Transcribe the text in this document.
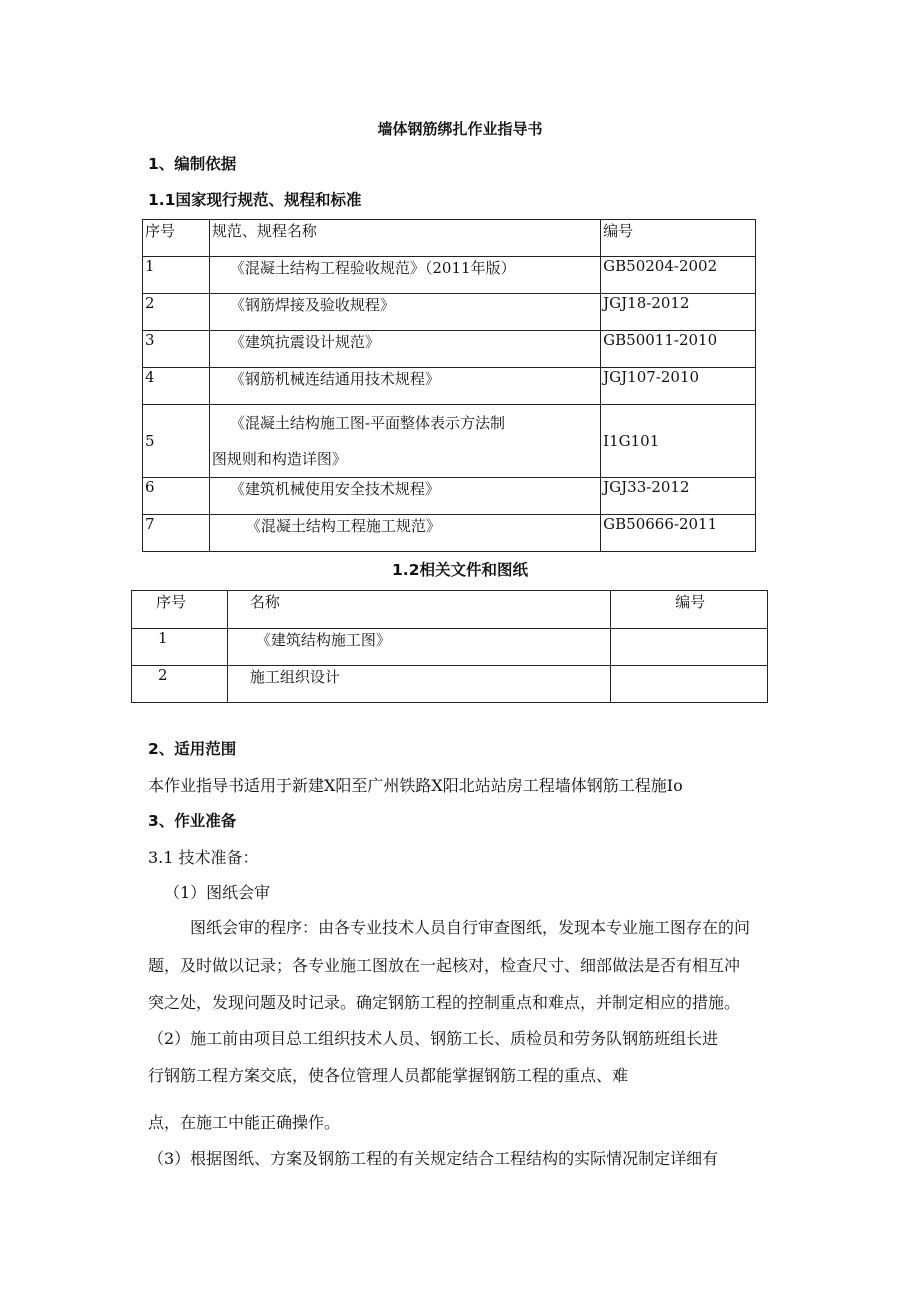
墙体钢筋绑扎作业指导书
1、编制依据
1.1国家现行规范、规程和标准
序号	规范、规程名称	编号
1	《混凝土结构工程验收规范》（2011年版）	GB50204-2002
2	《钢筋焊接及验收规程》	JGJ18-2012
3	《建筑抗震设计规范》	GB50011-2010
4	《钢筋机械连结通用技术规程》	JGJ107-2010
5	《混凝土结构施工图-平面整体表示方法制
图规则和构造详图》	I1G101
6	《建筑机械使用安全技术规程》	JGJ33-2012
7	《混凝土结构工程施工规范》	GB50666-2011
1.2相关文件和图纸
序号	名称	编号
1	《建筑结构施工图》	
2	施工组织设计	
2、适用范围
本作业指导书适用于新建X阳至广州铁路X阳北站站房工程墙体钢筋工程施Io
3、作业准备
3.1 技术准备：
（1）图纸会审
图纸会审的程序：由各专业技术人员自行审查图纸，发现本专业施工图存在的问
题，及时做以记录；各专业施工图放在一起核对，检查尺寸、细部做法是否有相互冲
突之处，发现问题及时记录。确定钢筋工程的控制重点和难点，并制定相应的措施。
（2）施工前由项目总工组织技术人员、钢筋工长、质检员和劳务队钢筋班组长进
行钢筋工程方案交底，使各位管理人员都能掌握钢筋工程的重点、难
点，在施工中能正确操作。
（3）根据图纸、方案及钢筋工程的有关规定结合工程结构的实际情况制定详细有
